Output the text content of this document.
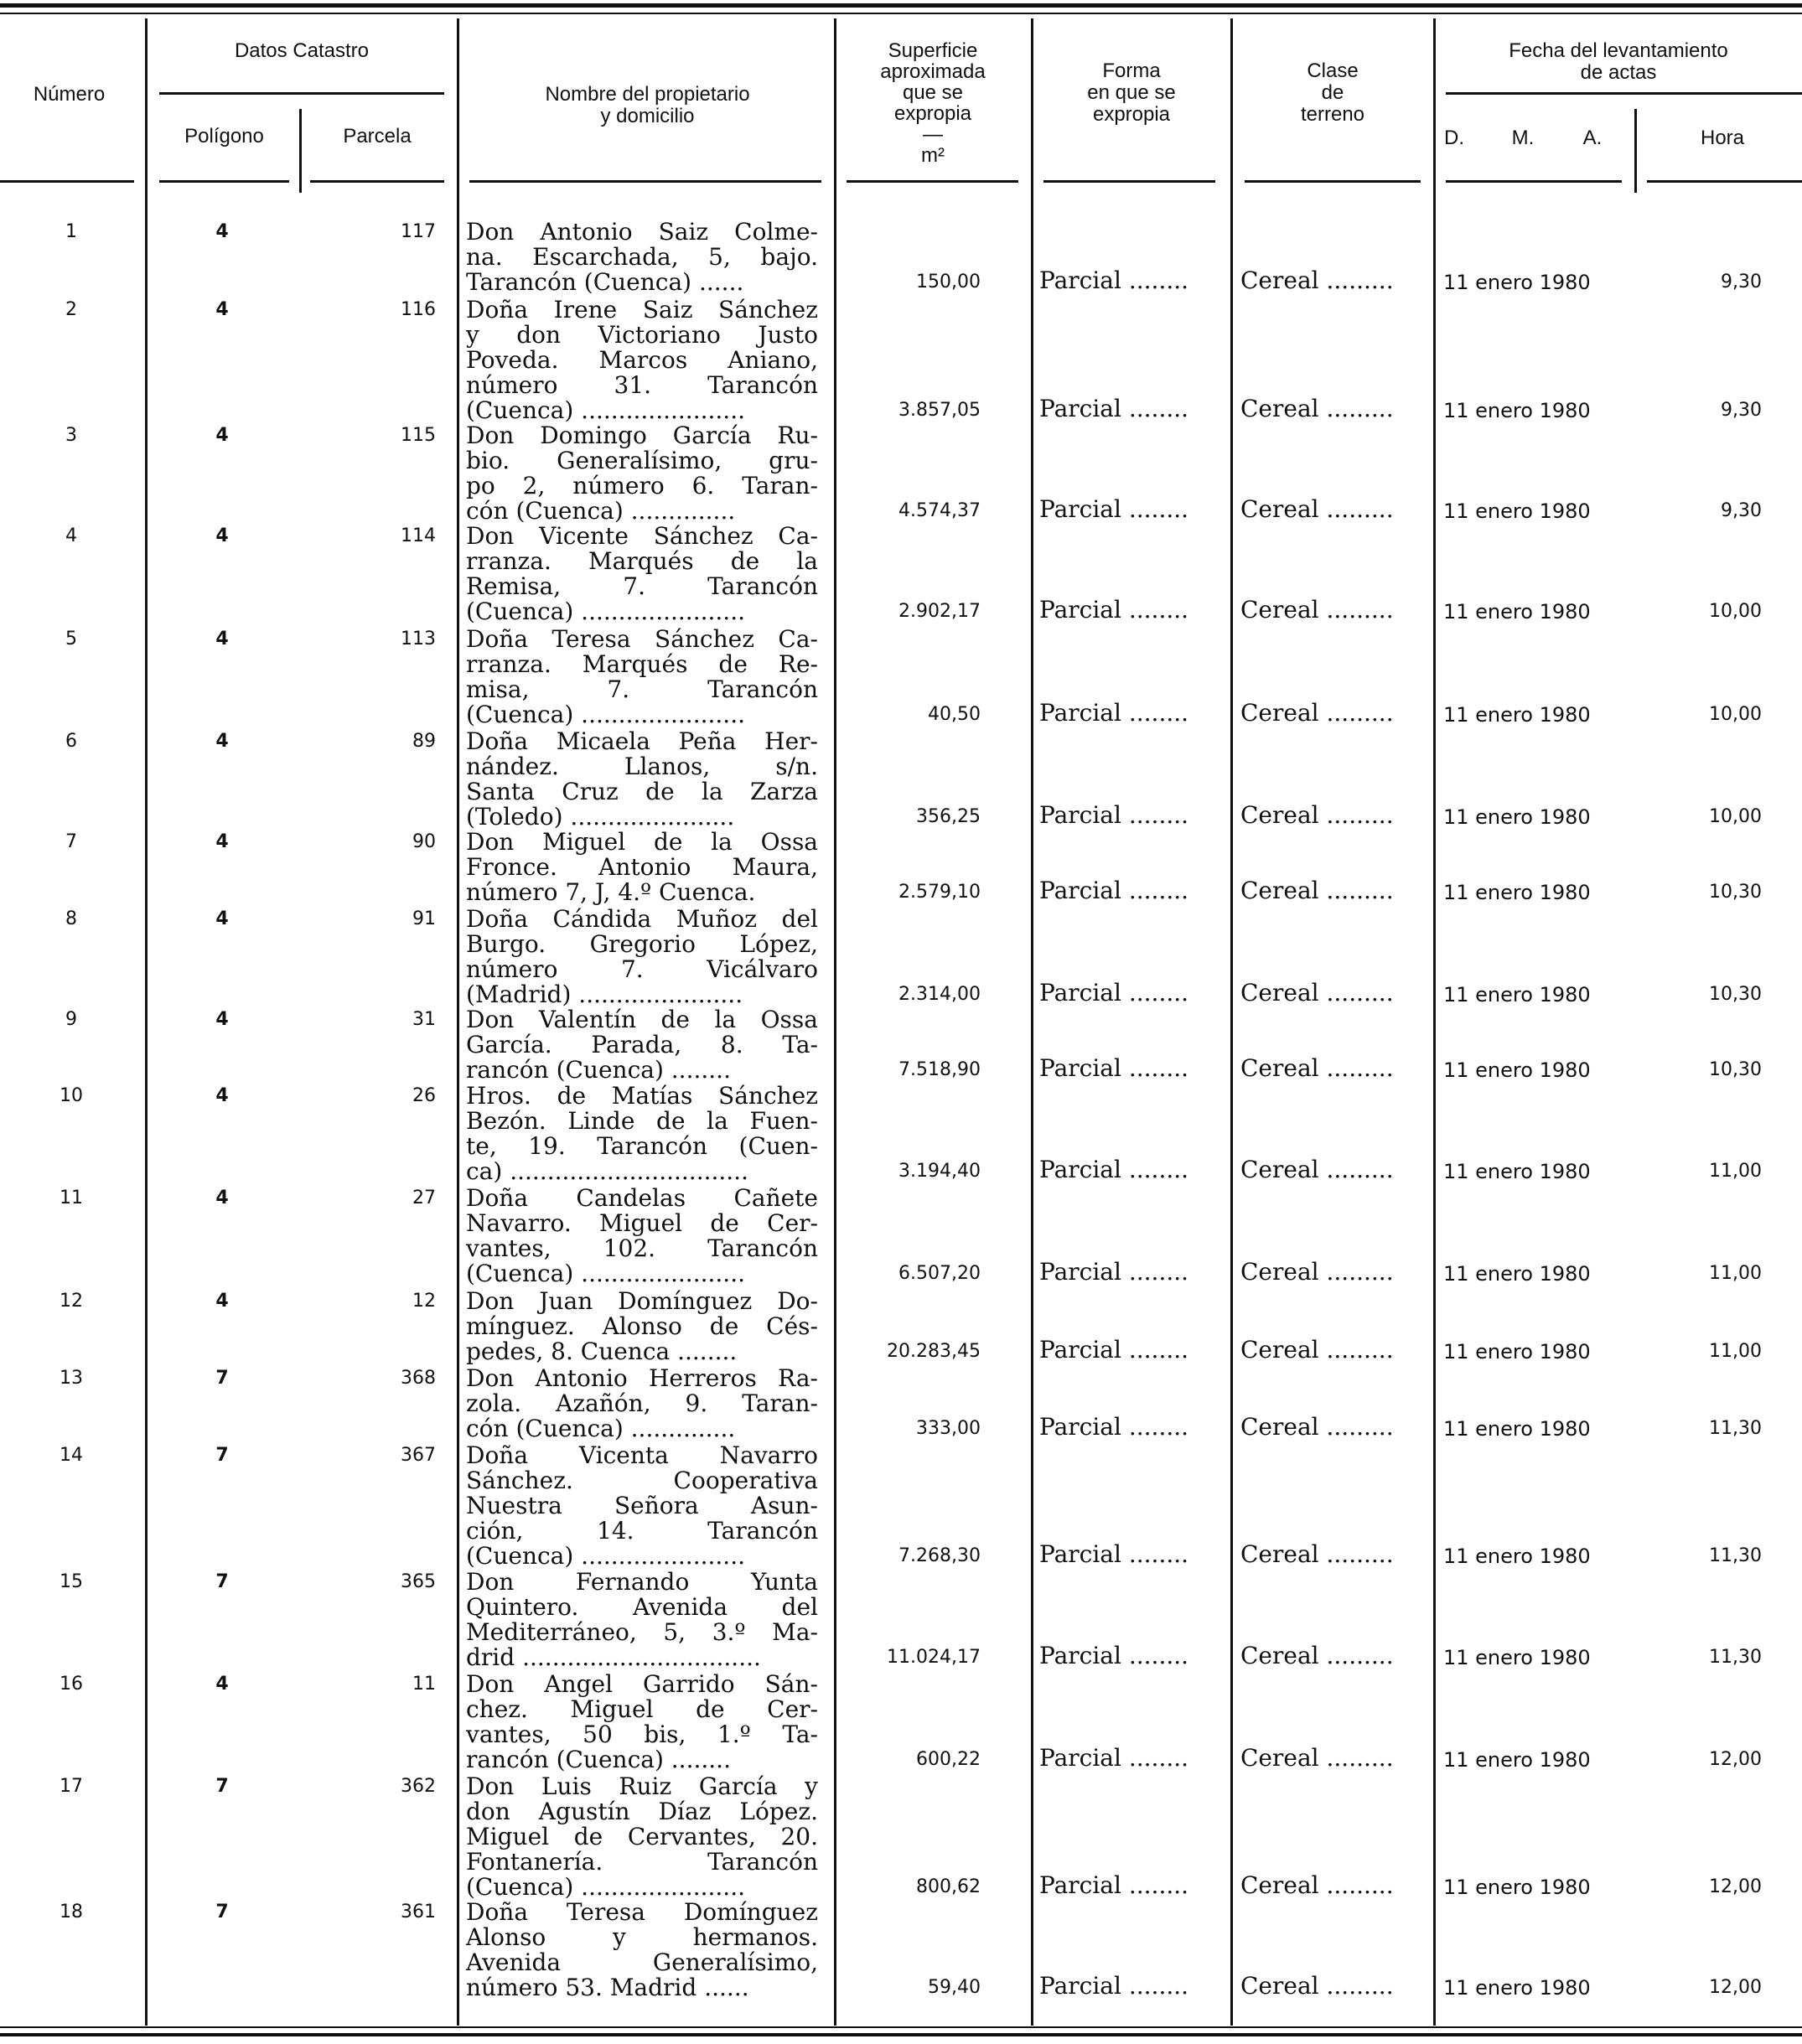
Número
Datos Catastro
Polígono	Parcela
Nombre del propietario
y domicilio
Superficie
aproximada
que se
expropia
—
m²
Forma
en que se
expropia
Clase
de
terreno
Fecha del levantamiento
de actas
D.	M.	A.	Hora
1	4	117 Don Antonio Saiz Colme-
na. Escarchada, 5, bajo.
Tarancón (Cuenca) ......	150,00	Parcial ........	Cereal .........	11 enero 1980	9,30
2	4	116 Doña Irene Saiz Sánchez
y don Victoriano Justo
Poveda. Marcos Aniano,
número 31. Tarancón
(Cuenca) ......................	3.857,05	Parcial ........	Cereal .........	11 enero 1980	9,30
3	4	115 Don Domingo García Ru-
bio. Generalísimo, gru-
po 2, número 6. Taran-
cón (Cuenca) ..............	4.574,37	Parcial ........	Cereal .........	11 enero 1980	9,30
4	4	114 Don Vicente Sánchez Ca-
rranza. Marqués de la
Remisa, 7. Tarancón
(Cuenca) ......................	2.902,17	Parcial ........	Cereal .........	11 enero 1980	10,00
5	4	113 Doña Teresa Sánchez Ca-
rranza. Marqués de Re-
misa, 7. Tarancón
(Cuenca) ......................	40,50	Parcial ........	Cereal .........	11 enero 1980	10,00
6	4	89 Doña Micaela Peña Her-
nández. Llanos, s/n.
Santa Cruz de la Zarza
(Toledo) ......................	356,25	Parcial ........	Cereal .........	11 enero 1980	10,00
7	4	90 Don Miguel de la Ossa
Fronce. Antonio Maura,
número 7, J, 4.º Cuenca.	2.579,10	Parcial ........	Cereal .........	11 enero 1980	10,30
8	4	91 Doña Cándida Muñoz del
Burgo. Gregorio López,
número 7. Vicálvaro
(Madrid) ......................	2.314,00	Parcial ........	Cereal .........	11 enero 1980	10,30
9	4	31 Don Valentín de la Ossa
García. Parada, 8. Ta-
rancón (Cuenca) ........	7.518,90	Parcial ........	Cereal .........	11 enero 1980	10,30
10	4	26 Hros. de Matías Sánchez
Bezón. Linde de la Fuen-
te, 19. Tarancón (Cuen-
ca) ................................	3.194,40	Parcial ........	Cereal .........	11 enero 1980	11,00
11	4	27 Doña Candelas Cañete
Navarro. Miguel de Cer-
vantes, 102. Tarancón
(Cuenca) ......................	6.507,20	Parcial ........	Cereal .........	11 enero 1980	11,00
12	4	12 Don Juan Domínguez Do-
mínguez. Alonso de Cés-
pedes, 8. Cuenca ........	20.283,45	Parcial ........	Cereal .........	11 enero 1980	11,00
13	7	368 Don Antonio Herreros Ra-
zola. Azañón, 9. Taran-
cón (Cuenca) ..............	333,00	Parcial ........	Cereal .........	11 enero 1980	11,30
14	7	367 Doña Vicenta Navarro
Sánchez. Cooperativa
Nuestra Señora Asun-
ción, 14. Tarancón
(Cuenca) ......................	7.268,30	Parcial ........	Cereal .........	11 enero 1980	11,30
15	7	365 Don Fernando Yunta
Quintero. Avenida del
Mediterráneo, 5, 3.º Ma-
drid ................................	11.024,17	Parcial ........	Cereal .........	11 enero 1980	11,30
16	4	11 Don Angel Garrido Sán-
chez. Miguel de Cer-
vantes, 50 bis, 1.º Ta-
rancón (Cuenca) ........	600,22	Parcial ........	Cereal .........	11 enero 1980	12,00
17	7	362 Don Luis Ruiz García y
don Agustín Díaz López.
Miguel de Cervantes, 20.
Fontanería. Tarancón
(Cuenca) ......................	800,62	Parcial ........	Cereal .........	11 enero 1980	12,00
18	7	361 Doña Teresa Domínguez
Alonso y hermanos.
Avenida Generalísimo,
número 53. Madrid ......	59,40	Parcial ........	Cereal .........	11 enero 1980	12,00
